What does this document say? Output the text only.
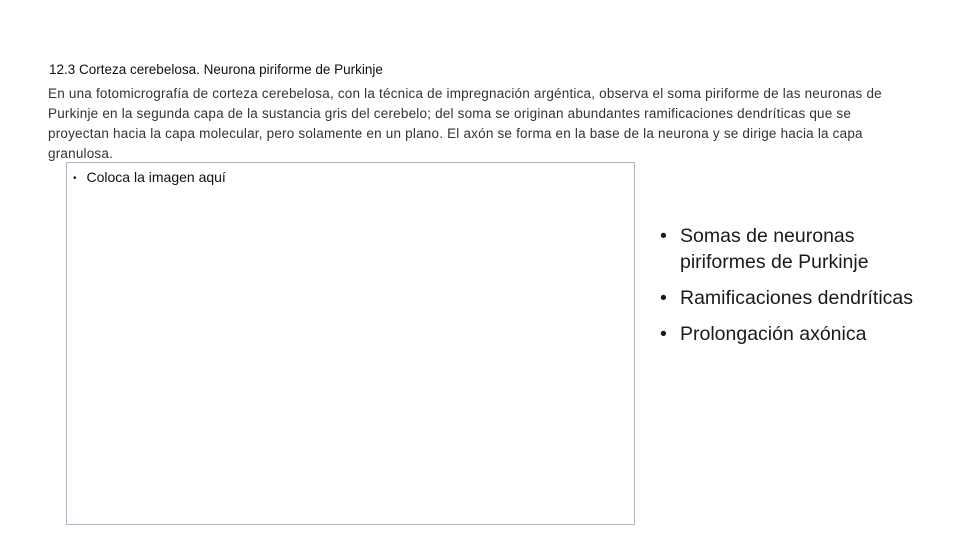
12.3 Corteza cerebelosa. Neurona piriforme de Purkinje
En una fotomicrografía de corteza cerebelosa, con la técnica de impregnación argéntica, observa el soma piriforme de las neuronas de Purkinje en la segunda capa de la sustancia gris del cerebelo; del soma se originan abundantes ramificaciones dendríticas que se proyectan hacia la capa molecular, pero solamente en un plano. El axón se forma en la base de la neurona y se dirige hacia la capa granulosa.
• Coloca la imagen aquí
• Somas de neuronas piriformes de Purkinje
• Ramificaciones dendríticas
• Prolongación axónica
